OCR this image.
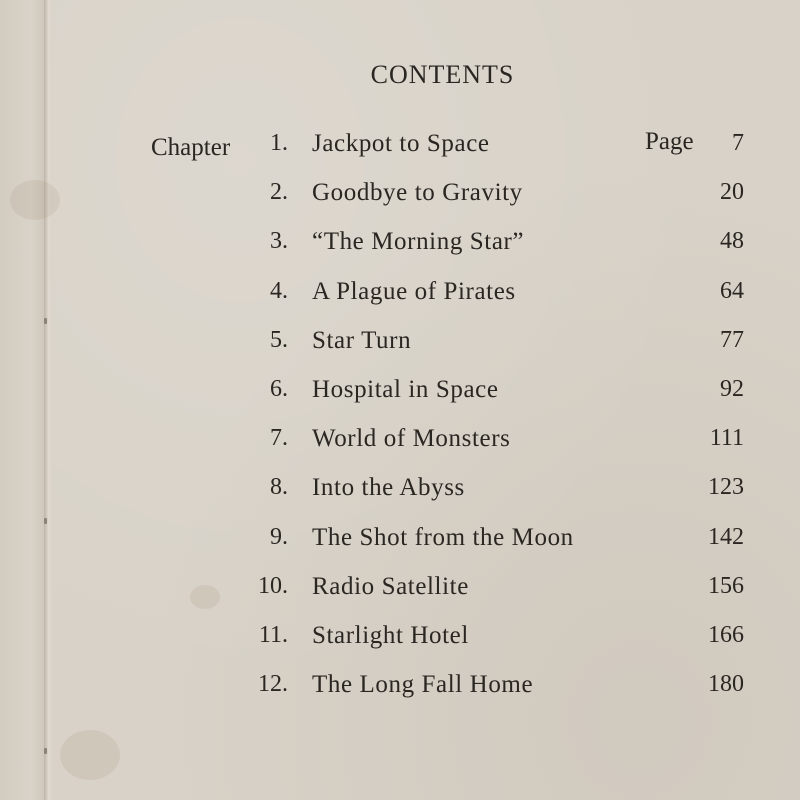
CONTENTS
Chapter	Page
1. Jackpot to Space	7
2. Goodbye to Gravity	20
3. “The Morning Star”	48
4. A Plague of Pirates	64
5. Star Turn	77
6. Hospital in Space	92
7. World of Monsters	111
8. Into the Abyss	123
9. The Shot from the Moon	142
10. Radio Satellite	156
11. Starlight Hotel	166
12. The Long Fall Home	180
